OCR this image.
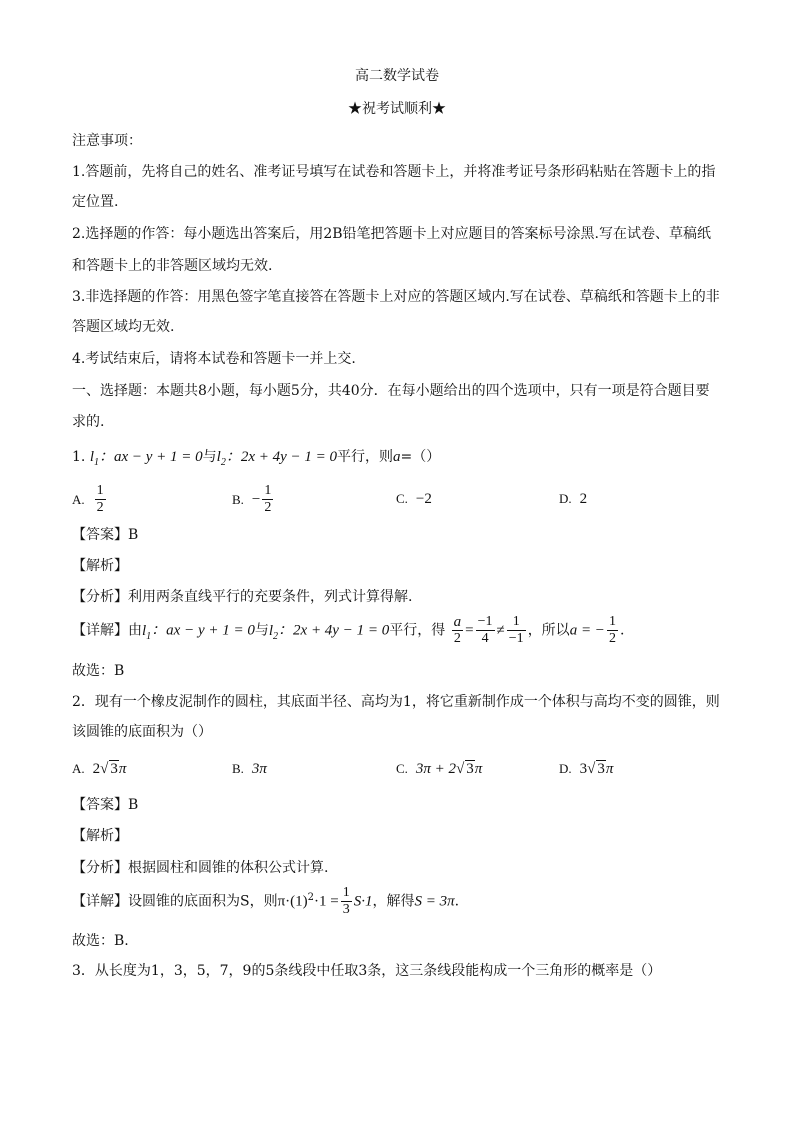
高二数学试卷
★祝考试顺利★
注意事项：
1.答题前，先将自己的姓名、准考证号填写在试卷和答题卡上，并将准考证号条形码粘贴在答题卡上的指
定位置.
2.选择题的作答：每小题选出答案后，用2B铅笔把答题卡上对应题目的答案标号涂黑.写在试卷、草稿纸
和答题卡上的非答题区域均无效.
3.非选择题的作答：用黑色签字笔直接答在答题卡上对应的答题区域内.写在试卷、草稿纸和答题卡上的非
答题区域均无效.
4.考试结束后，请将本试卷和答题卡一并上交.
一、选择题：本题共8小题，每小题5分，共40分．在每小题给出的四个选项中，只有一项是符合题目要
求的.
1. $l_1$：ax − y + 1 = 0与$l_2$：2x + 4y − 1 = 0平行，则a=（）
A. $\frac{1}{2}$	B. − $\frac{1}{2}$	C. −2	D. 2
【答案】B
【解析】
【分析】利用两条直线平行的充要条件，列式计算得解.
【详解】由$l_1$：ax − y + 1 = 0与$l_2$：2x + 4y − 1 = 0平行，得 $\frac{a}{2} = \frac{-1}{4} \ne \frac{1}{-1}$ ，所以a = − $\frac{1}{2}$ .
故选：B
2．现有一个橡皮泥制作的圆柱，其底面半径、高均为1，将它重新制作成一个体积与高均不变的圆锥，则
该圆锥的底面积为（）
A. 2√ 3π	B. 3π	C. 3π + 2√ 3π	D. 3√ 3π
【答案】B
【解析】
【分析】根据圆柱和圆锥的体积公式计算.
【详解】设圆锥的底面积为S，则$\pi\cdot(1)^2\cdot 1 = \frac{1}{3} S\cdot 1$，解得S = 3π.
故选：B.
3．从长度为1，3，5，7，9的5条线段中任取3条，这三条线段能构成一个三角形的概率是（）
